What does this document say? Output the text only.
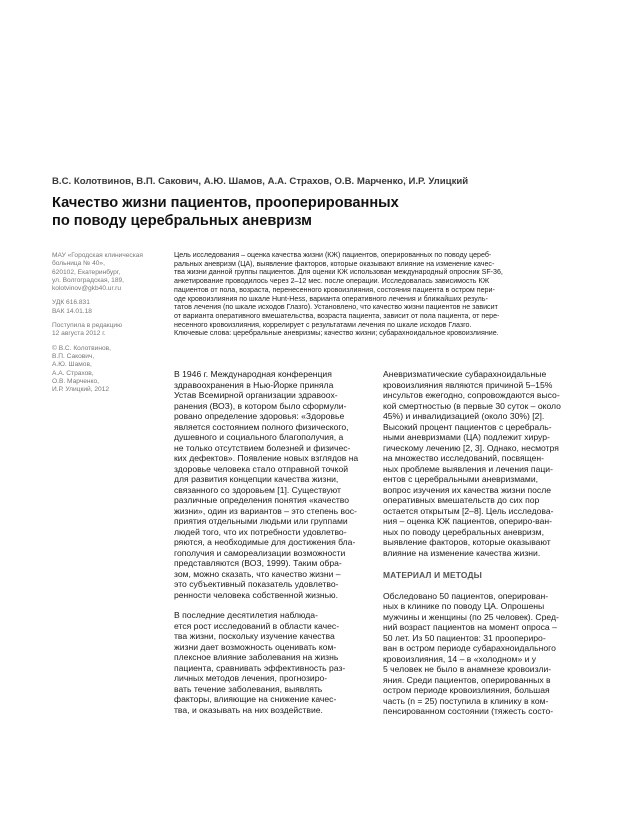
В.С. Колотвинов, В.П. Сакович, А.Ю. Шамов, А.А. Страхов, О.В. Марченко, И.Р. Улицкий
Качество жизни пациентов, прооперированных
по поводу церебральных аневризм
МАУ «Городская клиническая
больница № 40»,
620102, Екатеринбург,
ул. Волгоградская, 189,
kolotvinov@gkb40.ur.ru
УДК 616.831
ВАК 14.01.18
Поступила в редакцию
12 августа 2012 г.
© В.С. Колотвинов,
В.П. Сакович,
А.Ю. Шамов,
А.А. Страхов,
О.В. Марченко,
И.Р. Улицкий, 2012
Цель исследования – оценка качества жизни (КЖ) пациентов, оперированных по поводу цереб-
ральных аневризм (ЦА), выявление факторов, которые оказывают влияние на изменение качес-
тва жизни данной группы пациентов. Для оценки КЖ использован международный опросник SF-36,
анкетирование проводилось через 2–12 мес. после операции. Исследовалась зависимость КЖ
пациентов от пола, возраста, перенесенного кровоизлияния, состояния пациента в остром пери-
оде кровоизлияния по шкале Hunt-Hess, варианта оперативного лечения и ближайших резуль-
татов лечения (по шкале исходов Глазго). Установлено, что качество жизни пациентов не зависит
от варианта оперативного вмешательства, возраста пациента, зависит от пола пациента, от пере-
несенного кровоизлияния, коррелирует с результатами лечения по шкале исходов Глазго.
Ключевые слова: церебральные аневризмы; качество жизни; субарахноидальное кровоизлияние.
В 1946 г. Международная конференция
здравоохранения в Нью-Йорке приняла
Устав Всемирной организации здравоох-
ранения (ВОЗ), в котором было сформули-
ровано определение здоровья: «Здоровье
является состоянием полного физического,
душевного и социального благополучия, а
не только отсутствием болезней и физичес-
ких дефектов». Появление новых взглядов на
здоровье человека стало отправной точкой
для развития концепции качества жизни,
связанного со здоровьем [1]. Существуют
различные определения понятия «качество
жизни», один из вариантов – это степень вос-
приятия отдельными людьми или группами
людей того, что их потребности удовлетво-
ряются, а необходимые для достижения бла-
гополучия и самореализации возможности
представляются (ВОЗ, 1999). Таким обра-
зом, можно сказать, что качество жизни –
это субъективный показатель удовлетво-
ренности человека собственной жизнью.
В последние десятилетия наблюда-
ется рост исследований в области качес-
тва жизни, поскольку изучение качества
жизни дает возможность оценивать ком-
плексное влияние заболевания на жизнь
пациента, сравнивать эффективность раз-
личных методов лечения, прогнозиро-
вать течение заболевания, выявлять
факторы, влияющие на снижение качес-
тва, и оказывать на них воздействие.
Аневризматические субарахноидальные
кровоизлияния являются причиной 5–15%
инсультов ежегодно, сопровождаются высо-
кой смертностью (в первые 30 суток – около
45%) и инвалидизацией (около 30%) [2].
Высокий процент пациентов с церебраль-
ными аневризмами (ЦА) подлежит хирур-
гическому лечению [2, 3]. Однако, несмотря
на множество исследований, посвящен-
ных проблеме выявления и лечения паци-
ентов с церебральными аневризмами,
вопрос изучения их качества жизни после
оперативных вмешательств до сих пор
остается открытым [2–8]. Цель исследова-
ния – оценка КЖ пациентов, опериро-ван-
ных по поводу церебральных аневризм,
выявление факторов, которые оказывают
влияние на изменение качества жизни.
МАТЕРИАЛ И МЕТОДЫ
Обследовано 50 пациентов, оперирован-
ных в клинике по поводу ЦА. Опрошены
мужчины и женщины (по 25 человек). Сред-
ний возраст пациентов на момент опроса –
50 лет. Из 50 пациентов: 31 проопериро-
ван в остром периоде субарахноидального
кровоизлияния, 14 – в «холодном» и у
5 человек не было в анамнезе кровоизли-
яния. Среди пациентов, оперированных в
остром периоде кровоизлияния, большая
часть (n = 25) поступила в клинику в ком-
пенсированном состоянии (тяжесть состо-
